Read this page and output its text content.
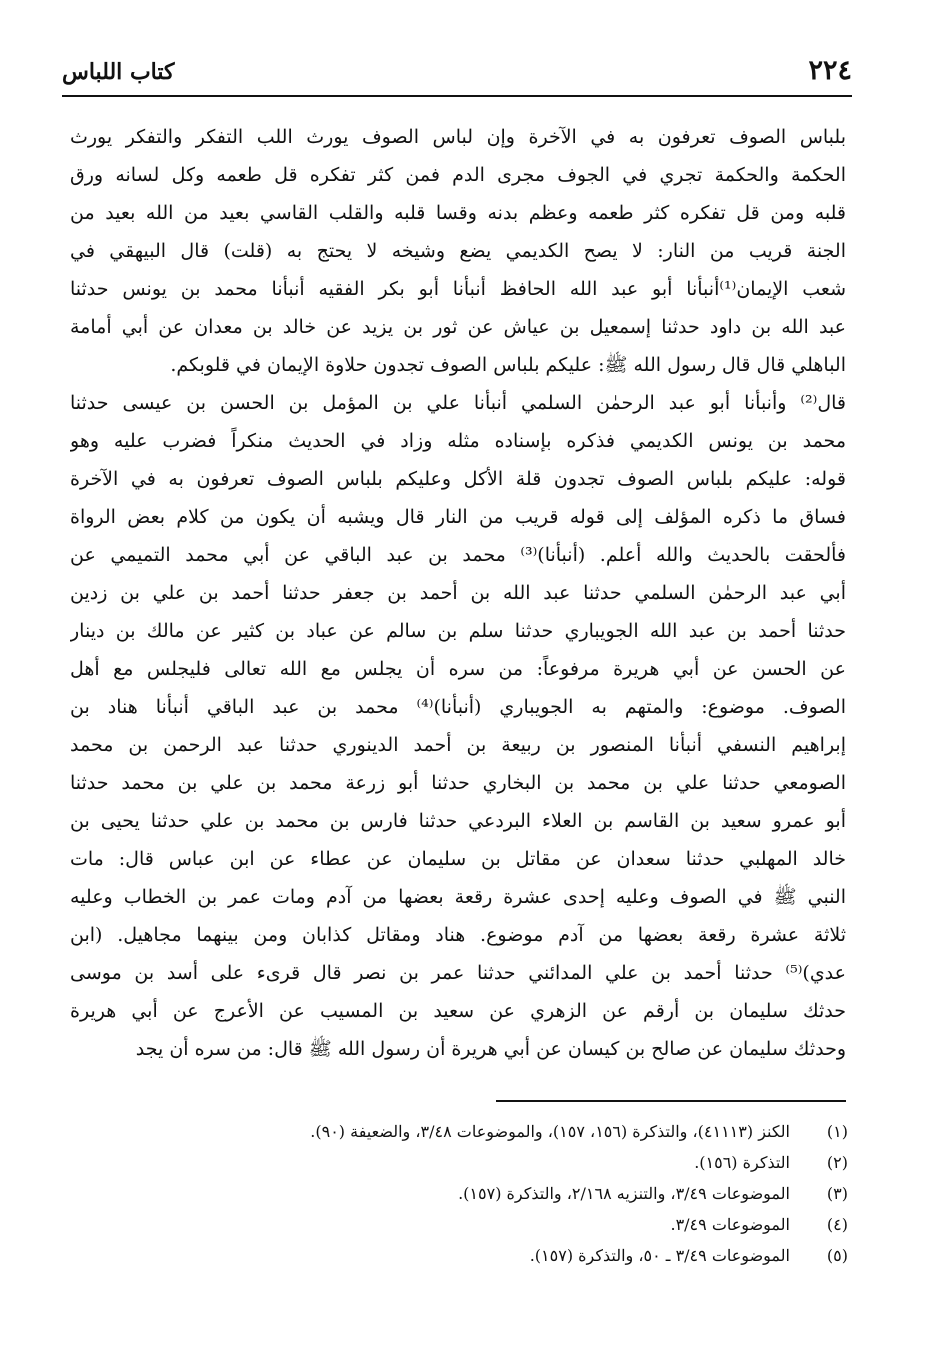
٢٢٤
كتاب اللباس
بلباس الصوف تعرفون به في الآخرة وإن لباس الصوف يورث اللب التفكر والتفكر يورث
الحكمة والحكمة تجري في الجوف مجرى الدم فمن كثر تفكره قل طعمه وكل لسانه ورق
قلبه ومن قل تفكره كثر طعمه وعظم بدنه وقسا قلبه والقلب القاسي بعيد من الله بعيد من
الجنة قريب من النار: لا يصح الكديمي يضع وشيخه لا يحتج به (قلت) قال البيهقي في
شعب الإيمان⁽¹⁾أنبأنا أبو عبد الله الحافظ أنبأنا أبو بكر الفقيه أنبأنا محمد بن يونس حدثنا
عبد الله بن داود حدثنا إسمعيل بن عياش عن ثور بن يزيد عن خالد بن معدان عن أبي أمامة
الباهلي قال قال رسول الله ﷺ: عليكم بلباس الصوف تجدون حلاوة الإيمان في قلوبكم.
قال⁽²⁾ وأنبأنا أبو عبد الرحمٰن السلمي أنبأنا علي بن المؤمل بن الحسن بن عيسى حدثنا
محمد بن يونس الكديمي فذكره بإسناده مثله وزاد في الحديث منكراً فضرب عليه وهو
قوله: عليكم بلباس الصوف تجدون قلة الأكل وعليكم بلباس الصوف تعرفون به في الآخرة
فساق ما ذكره المؤلف إلى قوله قريب من النار قال ويشبه أن يكون من كلام بعض الرواة
فألحقت بالحديث والله أعلم. (أنبأنا)⁽³⁾ محمد بن عبد الباقي عن أبي محمد التميمي عن
أبي عبد الرحمٰن السلمي حدثنا عبد الله بن أحمد بن جعفر حدثنا أحمد بن علي بن زدين
حدثنا أحمد بن عبد الله الجويباري حدثنا سلم بن سالم عن عباد بن كثير عن مالك بن دينار
عن الحسن عن أبي هريرة مرفوعاً: من سره أن يجلس مع الله تعالى فليجلس مع أهل
الصوف. موضوع: والمتهم به الجويباري (أنبأنا)⁽⁴⁾ محمد بن عبد الباقي أنبأنا هناد بن
إبراهيم النسفي أنبأنا المنصور بن ربيعة بن أحمد الدينوري حدثنا عبد الرحمن بن محمد
الصومعي حدثنا علي بن محمد بن البخاري حدثنا أبو زرعة محمد بن علي بن محمد حدثنا
أبو عمرو سعيد بن القاسم بن العلاء البردعي حدثنا فارس بن محمد بن علي حدثنا يحيى بن
خالد المهلبي حدثنا سعدان عن مقاتل بن سليمان عن عطاء عن ابن عباس قال: مات
النبي ﷺ في الصوف وعليه إحدى عشرة رقعة بعضها من آدم ومات عمر بن الخطاب وعليه
ثلاثة عشرة رقعة بعضها من آدم موضوع. هناد ومقاتل كذابان ومن بينهما مجاهيل. (ابن
عدي)⁽⁵⁾ حدثنا أحمد بن علي المدائني حدثنا عمر بن نصر قال قرىء على أسد بن موسى
حدثك سليمان بن أرقم عن الزهري عن سعيد بن المسيب عن الأعرج عن أبي هريرة
وحدثك سليمان عن صالح بن كيسان عن أبي هريرة أن رسول الله ﷺ قال: من سره أن يجد
(١)الكنز (٤١١١٣)، والتذكرة (١٥٦، ١٥٧)، والموضوعات ٣/٤٨، والضعيفة (٩٠).
(٢)التذكرة (١٥٦).
(٣)الموضوعات ٣/٤٩، والتنزيه ٢/١٦٨، والتذكرة (١٥٧).
(٤)الموضوعات ٣/٤٩.
(٥)الموضوعات ٣/٤٩ ـ ٥٠، والتذكرة (١٥٧).
